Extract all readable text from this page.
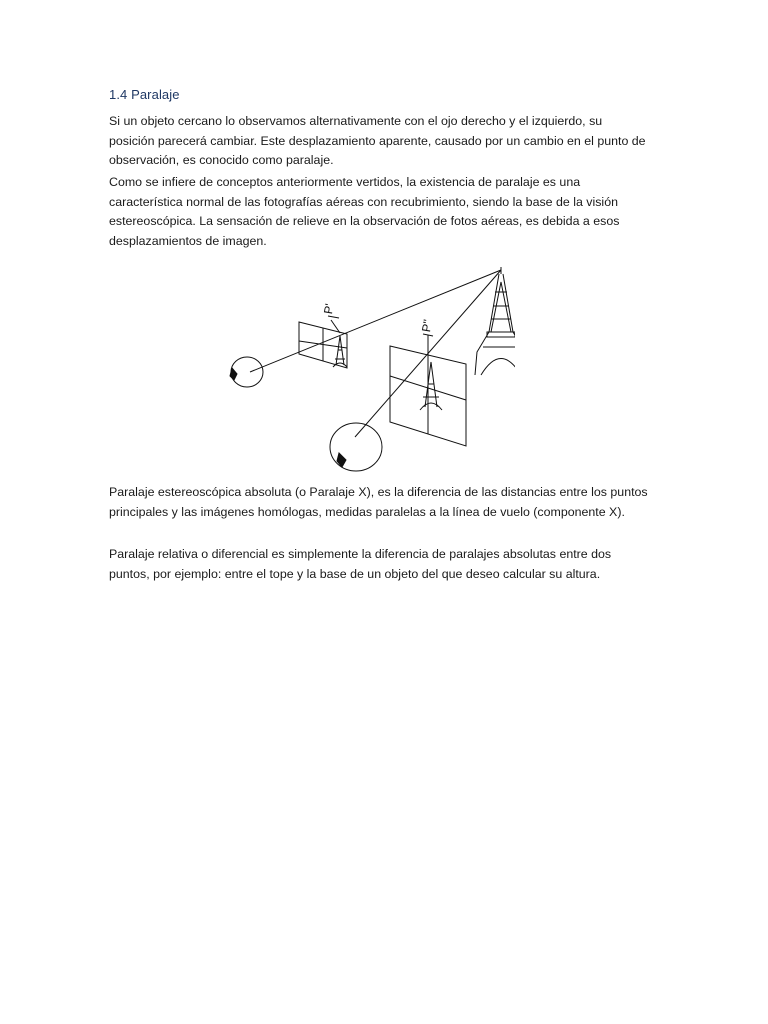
1.4 Paralaje

Si un objeto cercano lo observamos alternativamente con el ojo derecho y el izquierdo, su posición parecerá cambiar. Este desplazamiento aparente, causado por un cambio en el punto de observación, es conocido como paralaje.

Como se infiere de conceptos anteriormente vertidos, la existencia de paralaje es una característica normal de las fotografías aéreas con recubrimiento, siendo la base de la visión estereoscópica. La sensación de relieve en la observación de fotos aéreas, es debida a esos desplazamientos de imagen.

P'
P''

Paralaje estereoscópica absoluta (o Paralaje X), es la diferencia de las distancias entre los puntos principales y las imágenes homólogas, medidas paralelas a la línea de vuelo (componente X).

Paralaje relativa o diferencial es simplemente la diferencia de paralajes absolutas entre dos puntos, por ejemplo: entre el tope y la base de un objeto del que deseo calcular su altura.
